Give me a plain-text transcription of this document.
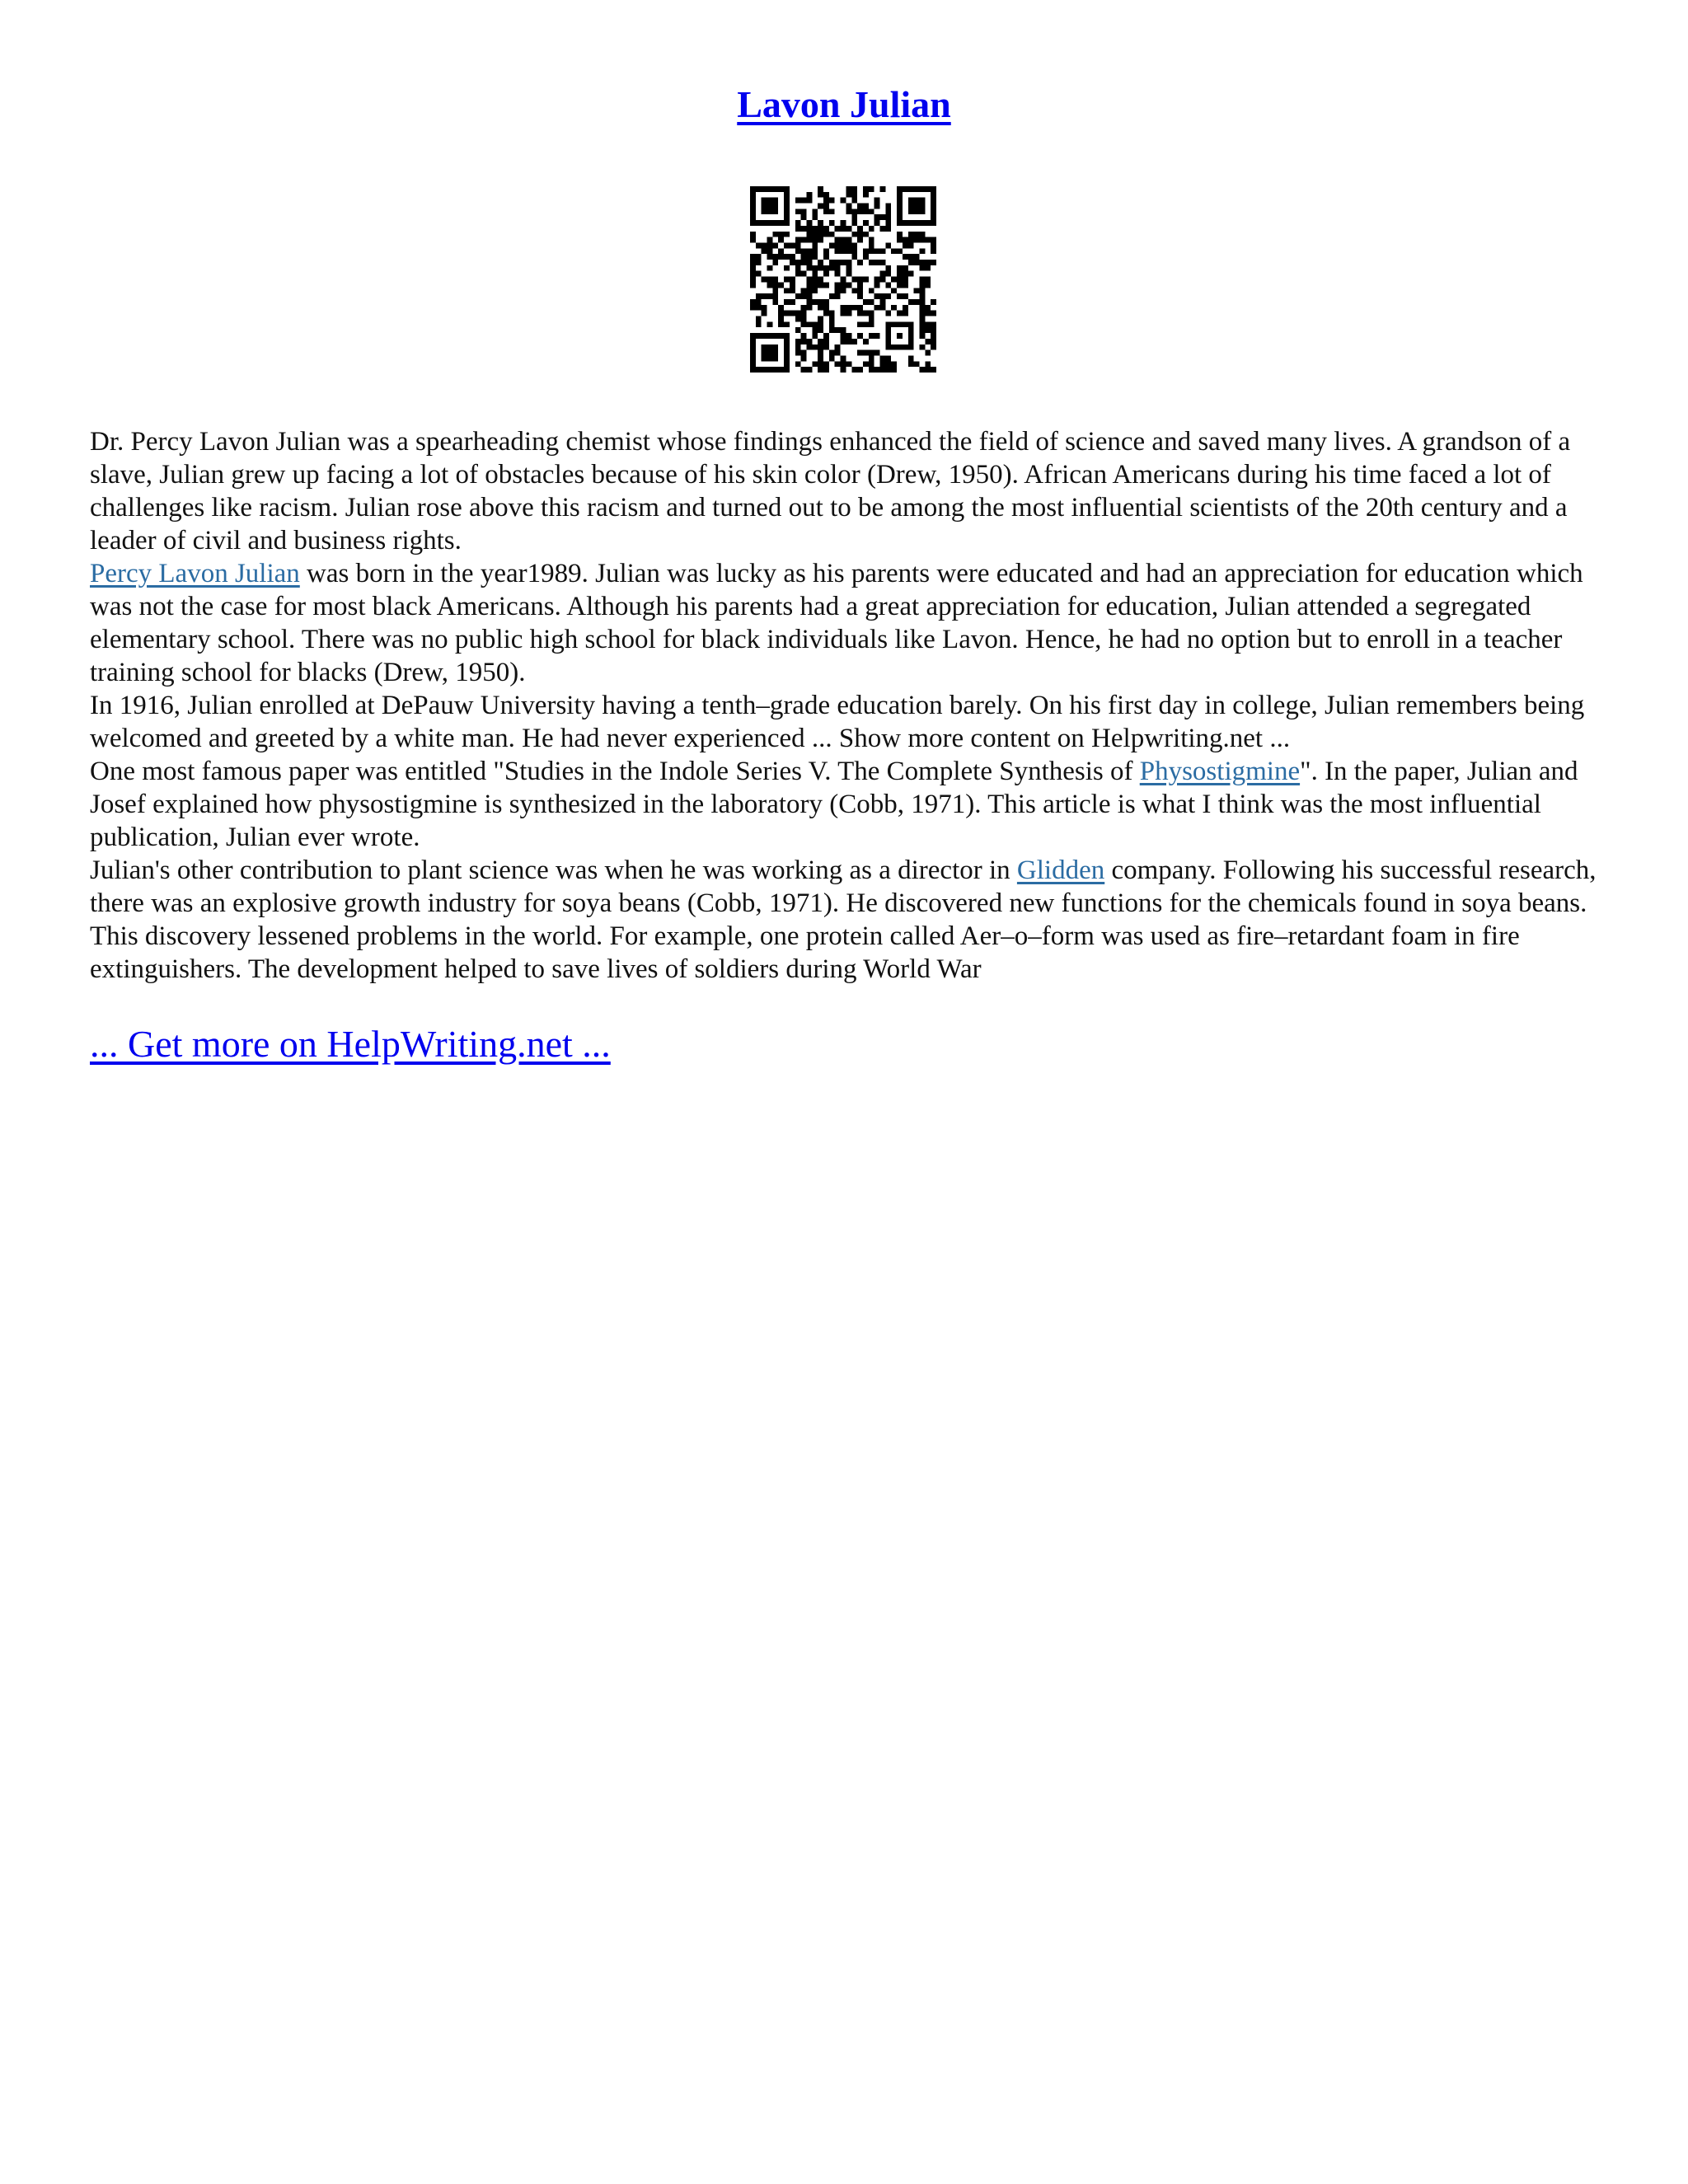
Lavon Julian

Dr. Percy Lavon Julian was a spearheading chemist whose findings enhanced the field of science and saved many lives. A grandson of a slave, Julian grew up facing a lot of obstacles because of his skin color (Drew, 1950). African Americans during his time faced a lot of challenges like racism. Julian rose above this racism and turned out to be among the most influential scientists of the 20th century and a leader of civil and business rights.

Percy Lavon Julian was born in the year1989. Julian was lucky as his parents were educated and had an appreciation for education which was not the case for most black Americans. Although his parents had a great appreciation for education, Julian attended a segregated elementary school. There was no public high school for black individuals like Lavon. Hence, he had no option but to enroll in a teacher training school for blacks (Drew, 1950).

In 1916, Julian enrolled at DePauw University having a tenth–grade education barely. On his first day in college, Julian remembers being welcomed and greeted by a white man. He had never experienced ... Show more content on Helpwriting.net ...

One most famous paper was entitled "Studies in the Indole Series V. The Complete Synthesis of Physostigmine". In the paper, Julian and Josef explained how physostigmine is synthesized in the laboratory (Cobb, 1971). This article is what I think was the most influential publication, Julian ever wrote.

Julian's other contribution to plant science was when he was working as a director in Glidden company. Following his successful research, there was an explosive growth industry for soya beans (Cobb, 1971). He discovered new functions for the chemicals found in soya beans. This discovery lessened problems in the world. For example, one protein called Aer–o–form was used as fire–retardant foam in fire extinguishers. The development helped to save lives of soldiers during World War

... Get more on HelpWriting.net ...
